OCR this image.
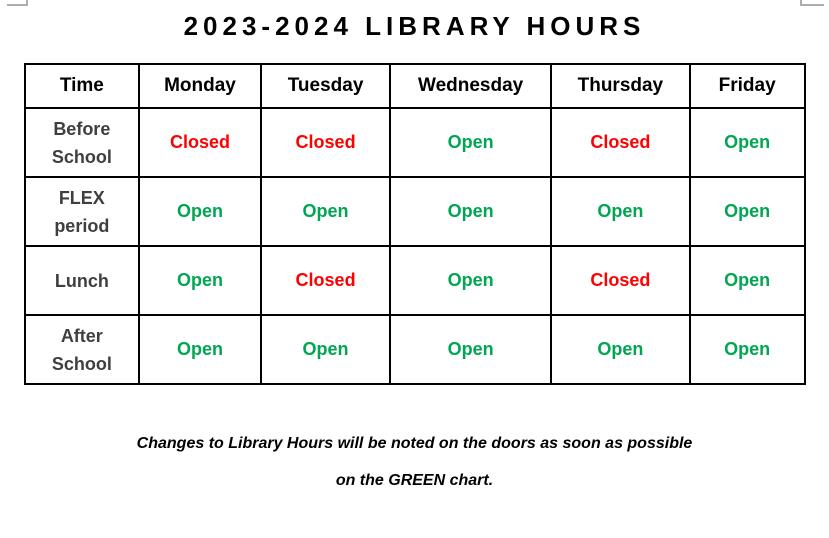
2023-2024 LIBRARY HOURS
Time	Monday	Tuesday	Wednesday	Thursday	Friday
Before School	Closed	Closed	Open	Closed	Open
FLEX period	Open	Open	Open	Open	Open
Lunch	Open	Closed	Open	Closed	Open
After School	Open	Open	Open	Open	Open

Changes to Library Hours will be noted on the doors as soon as possible

on the GREEN chart.
